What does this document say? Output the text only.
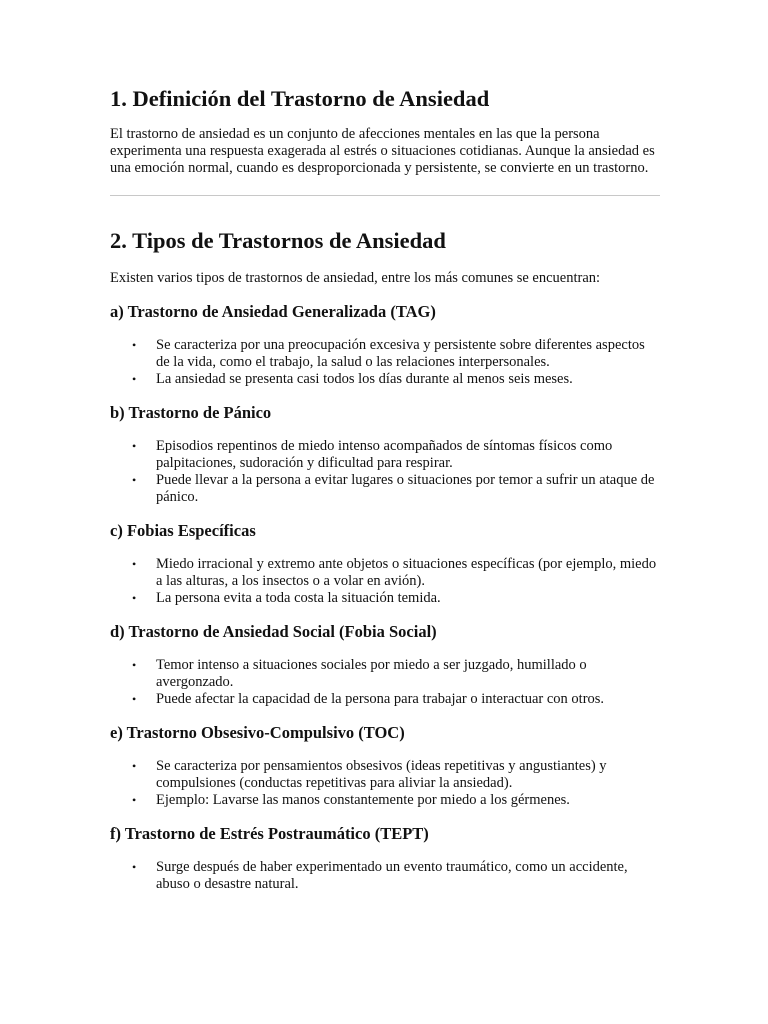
1. Definición del Trastorno de Ansiedad

El trastorno de ansiedad es un conjunto de afecciones mentales en las que la persona experimenta una respuesta exagerada al estrés o situaciones cotidianas. Aunque la ansiedad es una emoción normal, cuando es desproporcionada y persistente, se convierte en un trastorno.

2. Tipos de Trastornos de Ansiedad

Existen varios tipos de trastornos de ansiedad, entre los más comunes se encuentran:

a) Trastorno de Ansiedad Generalizada (TAG)
• Se caracteriza por una preocupación excesiva y persistente sobre diferentes aspectos de la vida, como el trabajo, la salud o las relaciones interpersonales.
• La ansiedad se presenta casi todos los días durante al menos seis meses.
b) Trastorno de Pánico
• Episodios repentinos de miedo intenso acompañados de síntomas físicos como palpitaciones, sudoración y dificultad para respirar.
• Puede llevar a la persona a evitar lugares o situaciones por temor a sufrir un ataque de pánico.
c) Fobias Específicas
• Miedo irracional y extremo ante objetos o situaciones específicas (por ejemplo, miedo a las alturas, a los insectos o a volar en avión).
• La persona evita a toda costa la situación temida.
d) Trastorno de Ansiedad Social (Fobia Social)
• Temor intenso a situaciones sociales por miedo a ser juzgado, humillado o avergonzado.
• Puede afectar la capacidad de la persona para trabajar o interactuar con otros.
e) Trastorno Obsesivo-Compulsivo (TOC)
• Se caracteriza por pensamientos obsesivos (ideas repetitivas y angustiantes) y compulsiones (conductas repetitivas para aliviar la ansiedad).
• Ejemplo: Lavarse las manos constantemente por miedo a los gérmenes.
f) Trastorno de Estrés Postraumático (TEPT)
• Surge después de haber experimentado un evento traumático, como un accidente, abuso o desastre natural.
